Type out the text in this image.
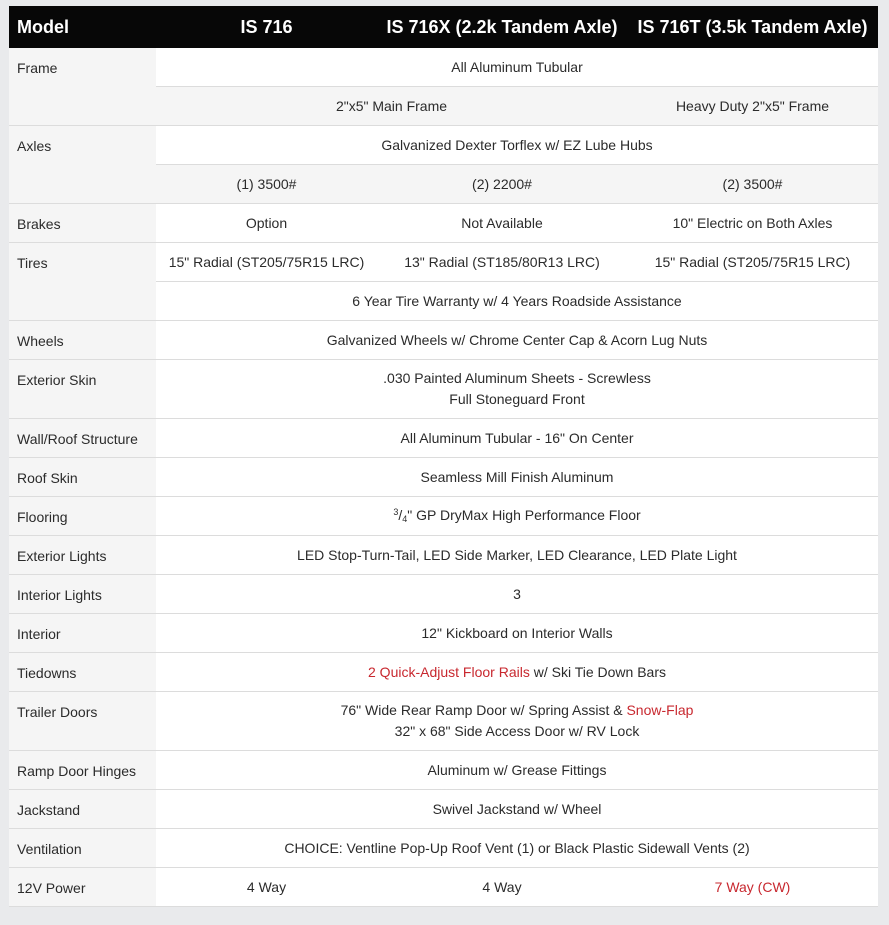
Model	IS 716	IS 716X (2.2k Tandem Axle)	IS 716T (3.5k Tandem Axle)
Frame	All Aluminum Tubular		
	2"x5" Main Frame		Heavy Duty 2"x5" Frame
Axles	Galvanized Dexter Torflex w/ EZ Lube Hubs		
	(1) 3500#	(2) 2200#	(2) 3500#
Brakes	Option	Not Available	10" Electric on Both Axles
Tires	15" Radial (ST205/75R15 LRC)	13" Radial (ST185/80R13 LRC)	15" Radial (ST205/75R15 LRC)
	6 Year Tire Warranty w/ 4 Years Roadside Assistance		
Wheels	Galvanized Wheels w/ Chrome Center Cap & Acorn Lug Nuts		
Exterior Skin	.030 Painted Aluminum Sheets - Screwless
Full Stoneguard Front		
Wall/Roof Structure	All Aluminum Tubular - 16" On Center		
Roof Skin	Seamless Mill Finish Aluminum		
Flooring	$^3/_4$" GP DryMax High Performance Floor		
Exterior Lights	LED Stop-Turn-Tail, LED Side Marker, LED Clearance, LED Plate Light		
Interior Lights	3		
Interior	12" Kickboard on Interior Walls		
Tiedowns	2 Quick-Adjust Floor Rails w/ Ski Tie Down Bars		
Trailer Doors	76" Wide Rear Ramp Door w/ Spring Assist & Snow-Flap
32" x 68" Side Access Door w/ RV Lock		
Ramp Door Hinges	Aluminum w/ Grease Fittings		
Jackstand	Swivel Jackstand w/ Wheel		
Ventilation	CHOICE: Ventline Pop-Up Roof Vent (1) or Black Plastic Sidewall Vents (2)		
12V Power	4 Way	4 Way	7 Way (CW)
